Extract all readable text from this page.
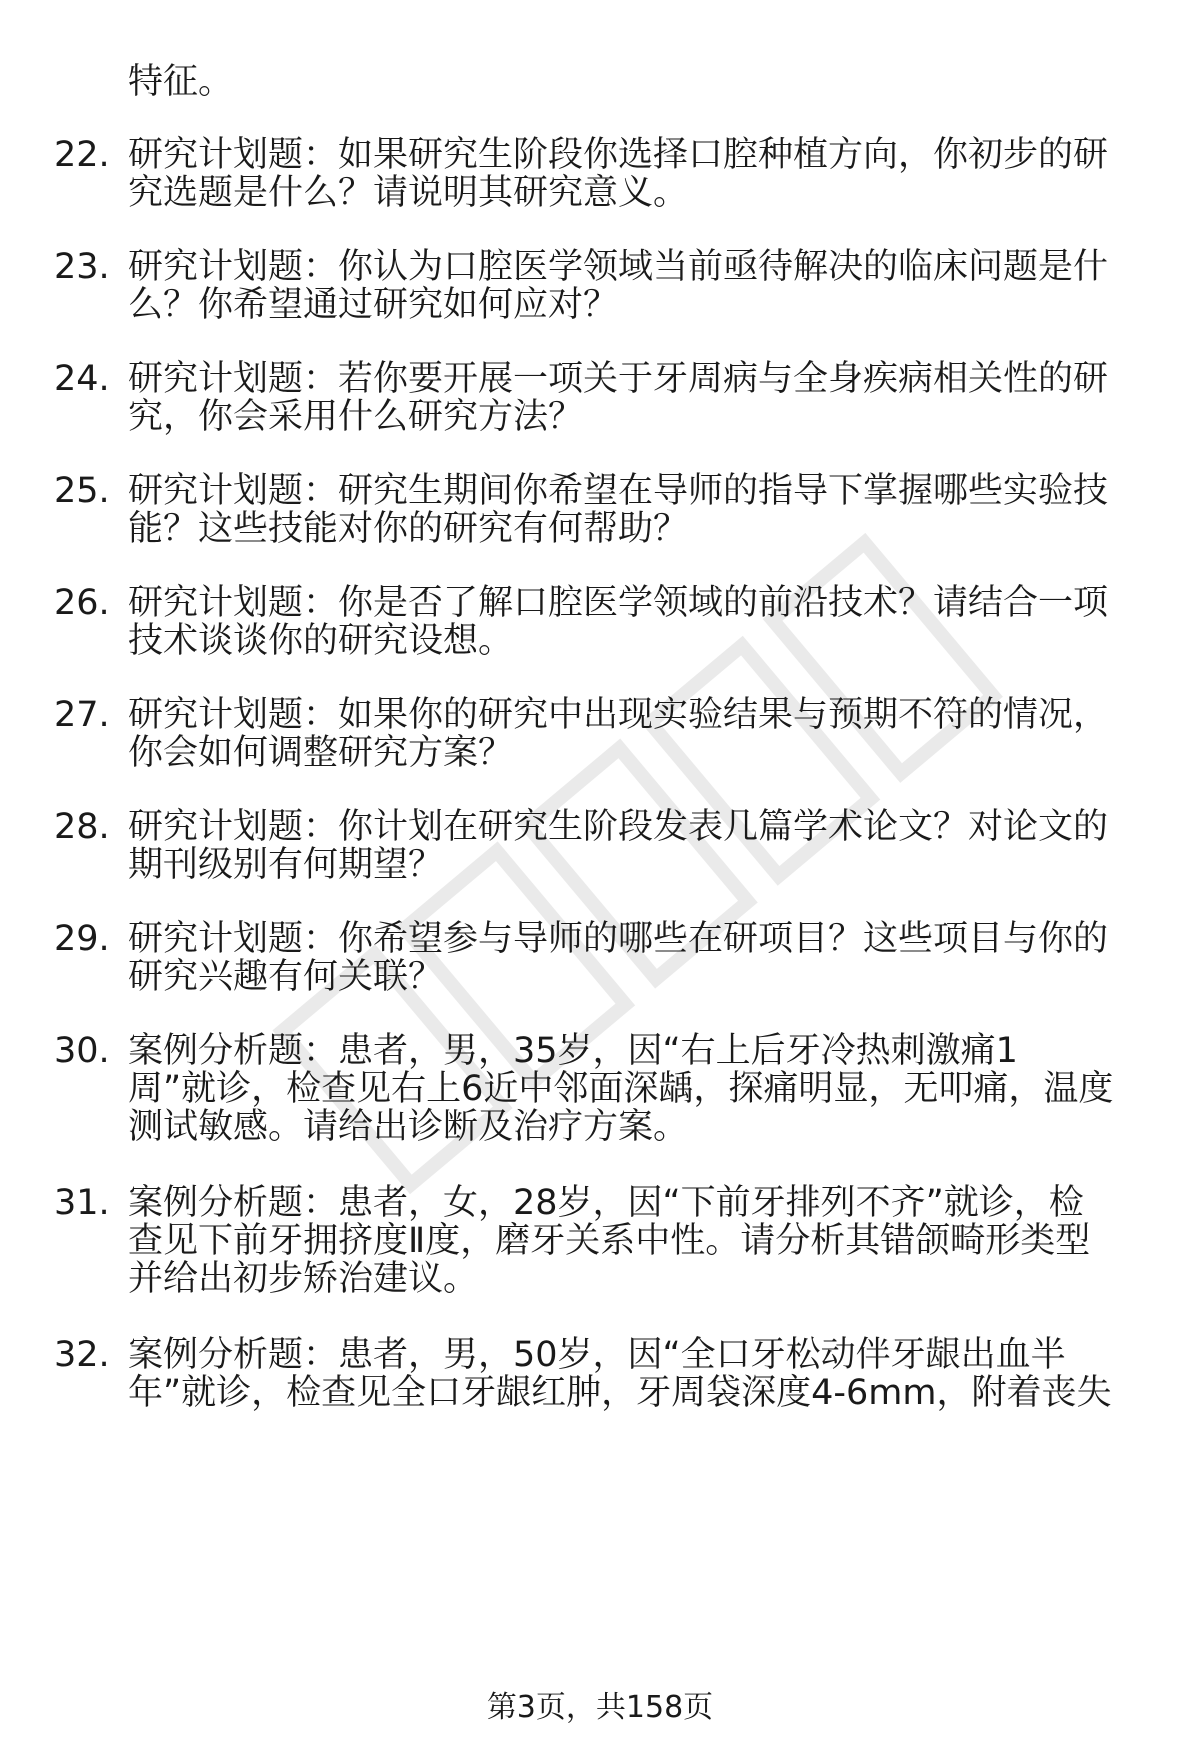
特征。
22. 研究计划题：如果研究生阶段你选择口腔种植方向，你初步的研
究选题是什么？请说明其研究意义。
23. 研究计划题：你认为口腔医学领域当前亟待解决的临床问题是什
么？你希望通过研究如何应对？
24. 研究计划题：若你要开展一项关于牙周病与全身疾病相关性的研
究，你会采用什么研究方法？
25. 研究计划题：研究生期间你希望在导师的指导下掌握哪些实验技
能？这些技能对你的研究有何帮助？
26. 研究计划题：你是否了解口腔医学领域的前沿技术？请结合一项
技术谈谈你的研究设想。
27. 研究计划题：如果你的研究中出现实验结果与预期不符的情况，
你会如何调整研究方案？
28. 研究计划题：你计划在研究生阶段发表几篇学术论文？对论文的
期刊级别有何期望？
29. 研究计划题：你希望参与导师的哪些在研项目？这些项目与你的
研究兴趣有何关联？
30. 案例分析题：患者，男，35岁，因“右上后牙冷热刺激痛1
周”就诊，检查见右上6近中邻面深龋，探痛明显，无叩痛，温度
测试敏感。请给出诊断及治疗方案。
31. 案例分析题：患者，女，28岁，因“下前牙排列不齐”就诊，检
查见下前牙拥挤度Ⅱ度，磨牙关系中性。请分析其错颌畸形类型
并给出初步矫治建议。
32. 案例分析题：患者，男，50岁，因“全口牙松动伴牙龈出血半
年”就诊，检查见全口牙龈红肿，牙周袋深度4-6mm，附着丧失
第3页，共158页
